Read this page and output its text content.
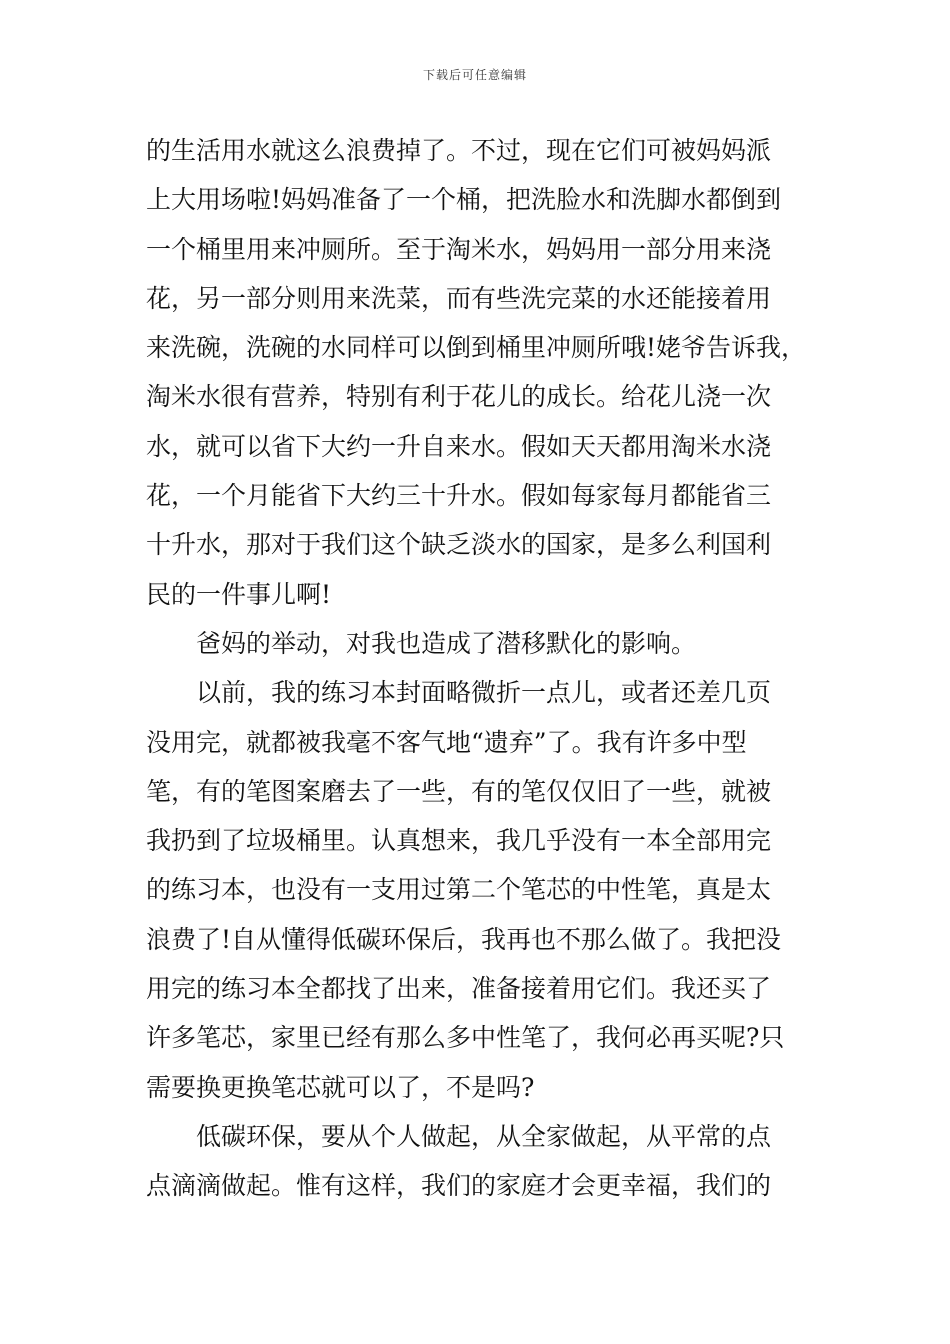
下载后可任意编辑
的生活用水就这么浪费掉了。不过，现在它们可被妈妈派
上大用场啦!妈妈准备了一个桶，把洗脸水和洗脚水都倒到
一个桶里用来冲厕所。至于淘米水，妈妈用一部分用来浇
花，另一部分则用来洗菜，而有些洗完菜的水还能接着用
来洗碗，洗碗的水同样可以倒到桶里冲厕所哦!姥爷告诉我，
淘米水很有营养，特别有利于花儿的成长。给花儿浇一次
水，就可以省下大约一升自来水。假如天天都用淘米水浇
花，一个月能省下大约三十升水。假如每家每月都能省三
十升水，那对于我们这个缺乏淡水的国家，是多么利国利
民的一件事儿啊!
爸妈的举动，对我也造成了潜移默化的影响。
以前，我的练习本封面略微折一点儿，或者还差几页
没用完，就都被我毫不客气地“遗弃”了。我有许多中型
笔，有的笔图案磨去了一些，有的笔仅仅旧了一些，就被
我扔到了垃圾桶里。认真想来，我几乎没有一本全部用完
的练习本，也没有一支用过第二个笔芯的中性笔，真是太
浪费了!自从懂得低碳环保后，我再也不那么做了。我把没
用完的练习本全都找了出来，准备接着用它们。我还买了
许多笔芯，家里已经有那么多中性笔了，我何必再买呢?只
需要换更换笔芯就可以了，不是吗?
低碳环保，要从个人做起，从全家做起，从平常的点
点滴滴做起。惟有这样，我们的家庭才会更幸福，我们的
